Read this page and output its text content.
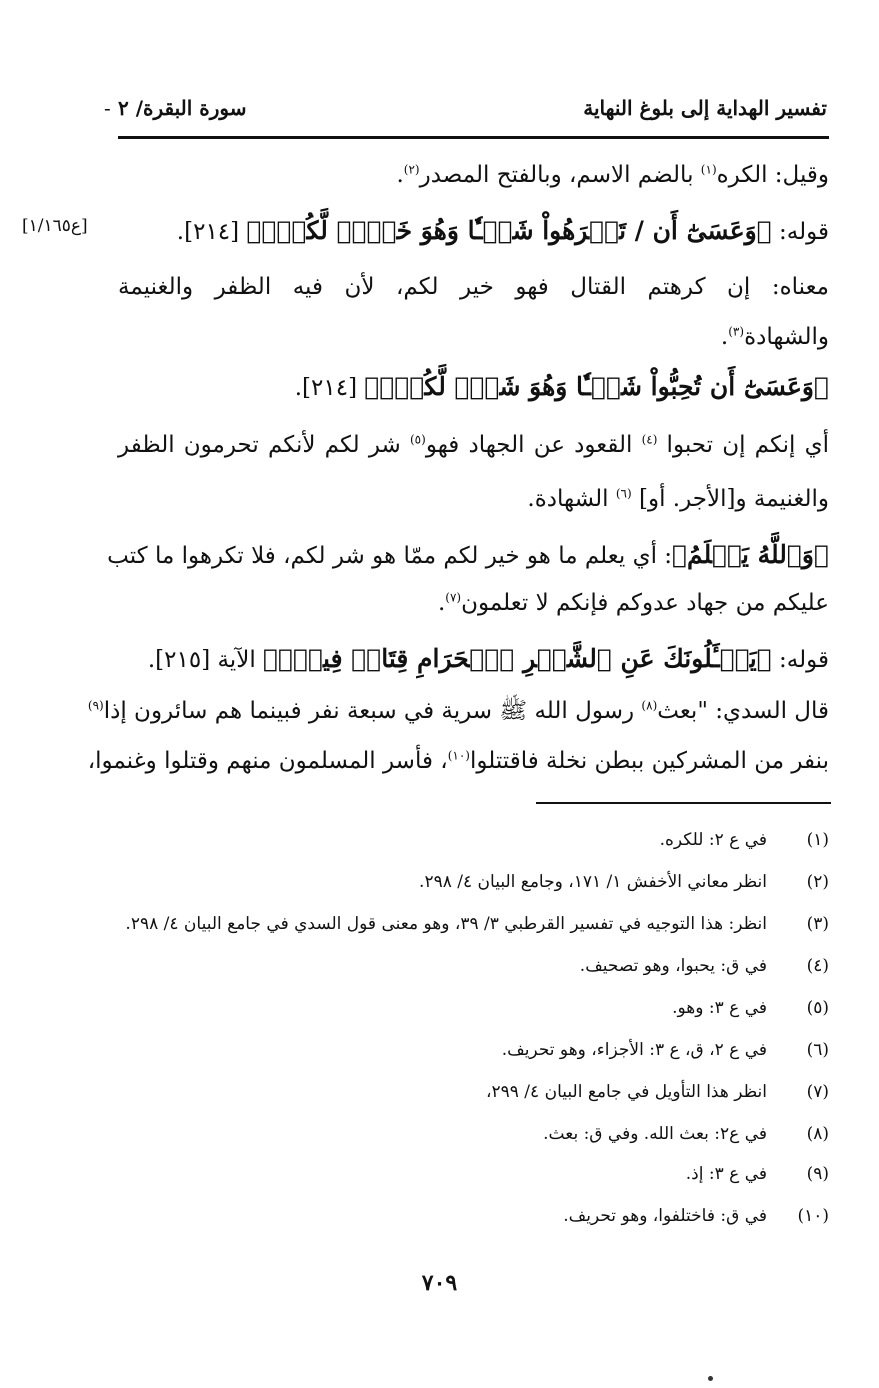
تفسير الهداية إلى بلوغ النهاية
سورة البقرة/ ٢
-
[ع١/١٦٥]
وقيل: الكره$^{(١)}$ بالضم الاسم، وبالفتح المصدر$^{(٢)}$.
قوله: ﴿وَعَسَىٰٓ أَن / تَكۡرَهُواْ شَيۡـٔٗا وَهُوَ خَيۡرٞ لَّكُمۡۖ﴾ [٢١٤].
معناه: إن كرهتم القتال فهو خير لكم، لأن فيه الظفر والغنيمة
والشهادة$^{(٣)}$.
﴿وَعَسَىٰٓ أَن تُحِبُّواْ شَيۡـٔٗا وَهُوَ شَرّٞ لَّكُمۡۚ﴾ [٢١٤].
أي إنكم إن تحبوا $^{(٤)}$ القعود عن الجهاد فهو$^{(٥)}$ شر لكم لأنكم تحرمون الظفر
والغنيمة و[الأجر. أو] $^{(٦)}$ الشهادة.
﴿وَٱللَّهُ يَعۡلَمُ﴾: أي يعلم ما هو خير لكم ممّا هو شر لكم، فلا تكرهوا ما كتب
عليكم من جهاد عدوكم فإنكم لا تعلمون$^{(٧)}$.
قوله: ﴿يَسۡـَٔلُونَكَ عَنِ ٱلشَّهۡرِ ٱلۡحَرَامِ قِتَالٖ فِيهِۖ﴾ الآية [٢١٥].
قال السدي: "بعث$^{(٨)}$ رسول الله ﷺ سرية في سبعة نفر فبينما هم سائرون إذا$^{(٩)}$
بنفر من المشركين ببطن نخلة فاقتتلوا$^{(١٠)}$، فأسر المسلمون منهم وقتلوا وغنموا،
(١)في ع ٢: للكره.
(٢)انظر معاني الأخفش ١/ ١٧١، وجامع البيان ٤/ ٢٩٨.
(٣)انظر: هذا التوجيه في تفسير القرطبي ٣/ ٣٩، وهو معنى قول السدي في جامع البيان ٤/ ٢٩٨.
(٤)في ق: يحبوا، وهو تصحيف.
(٥)في ع ٣: وهو.
(٦)في ع ٢، ق، ع ٣: الأجزاء، وهو تحريف.
(٧)انظر هذا التأويل في جامع البيان ٤/ ٢٩٩،
(٨)في ع٢: بعث الله. وفي ق: بعث.
(٩)في ع ٣: إذ.
(١٠)في ق: فاختلفوا، وهو تحريف.
٧٠٩
